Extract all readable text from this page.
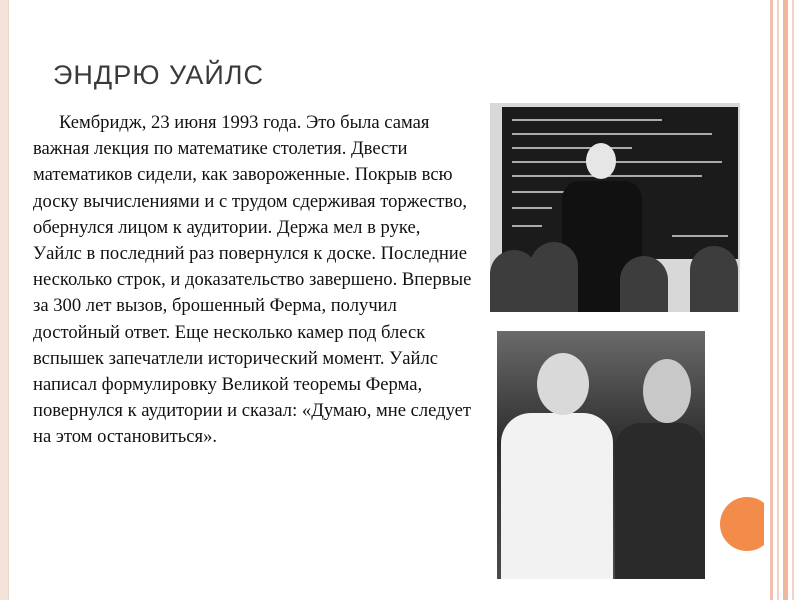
ЭНДРЮ УАЙЛС

Кембридж, 23 июня 1993 года. Это была самая важная лекция по математике столетия. Двести математиков сидели, как завороженные. Покрыв всю доску вычислениями и с трудом сдерживая торжество, обернулся лицом к аудитории. Держа мел в руке, Уайлс в последний раз повернулся к доске. Последние несколько строк, и доказательство завершено. Впервые за 300 лет вызов, брошенный Ферма, получил достойный ответ. Еще несколько камер под блеск вспышек запечатлели исторический момент. Уайлс написал формулировку Великой теоремы Ферма, повернулся к аудитории и сказал: «Думаю, мне следует на этом остановиться».
